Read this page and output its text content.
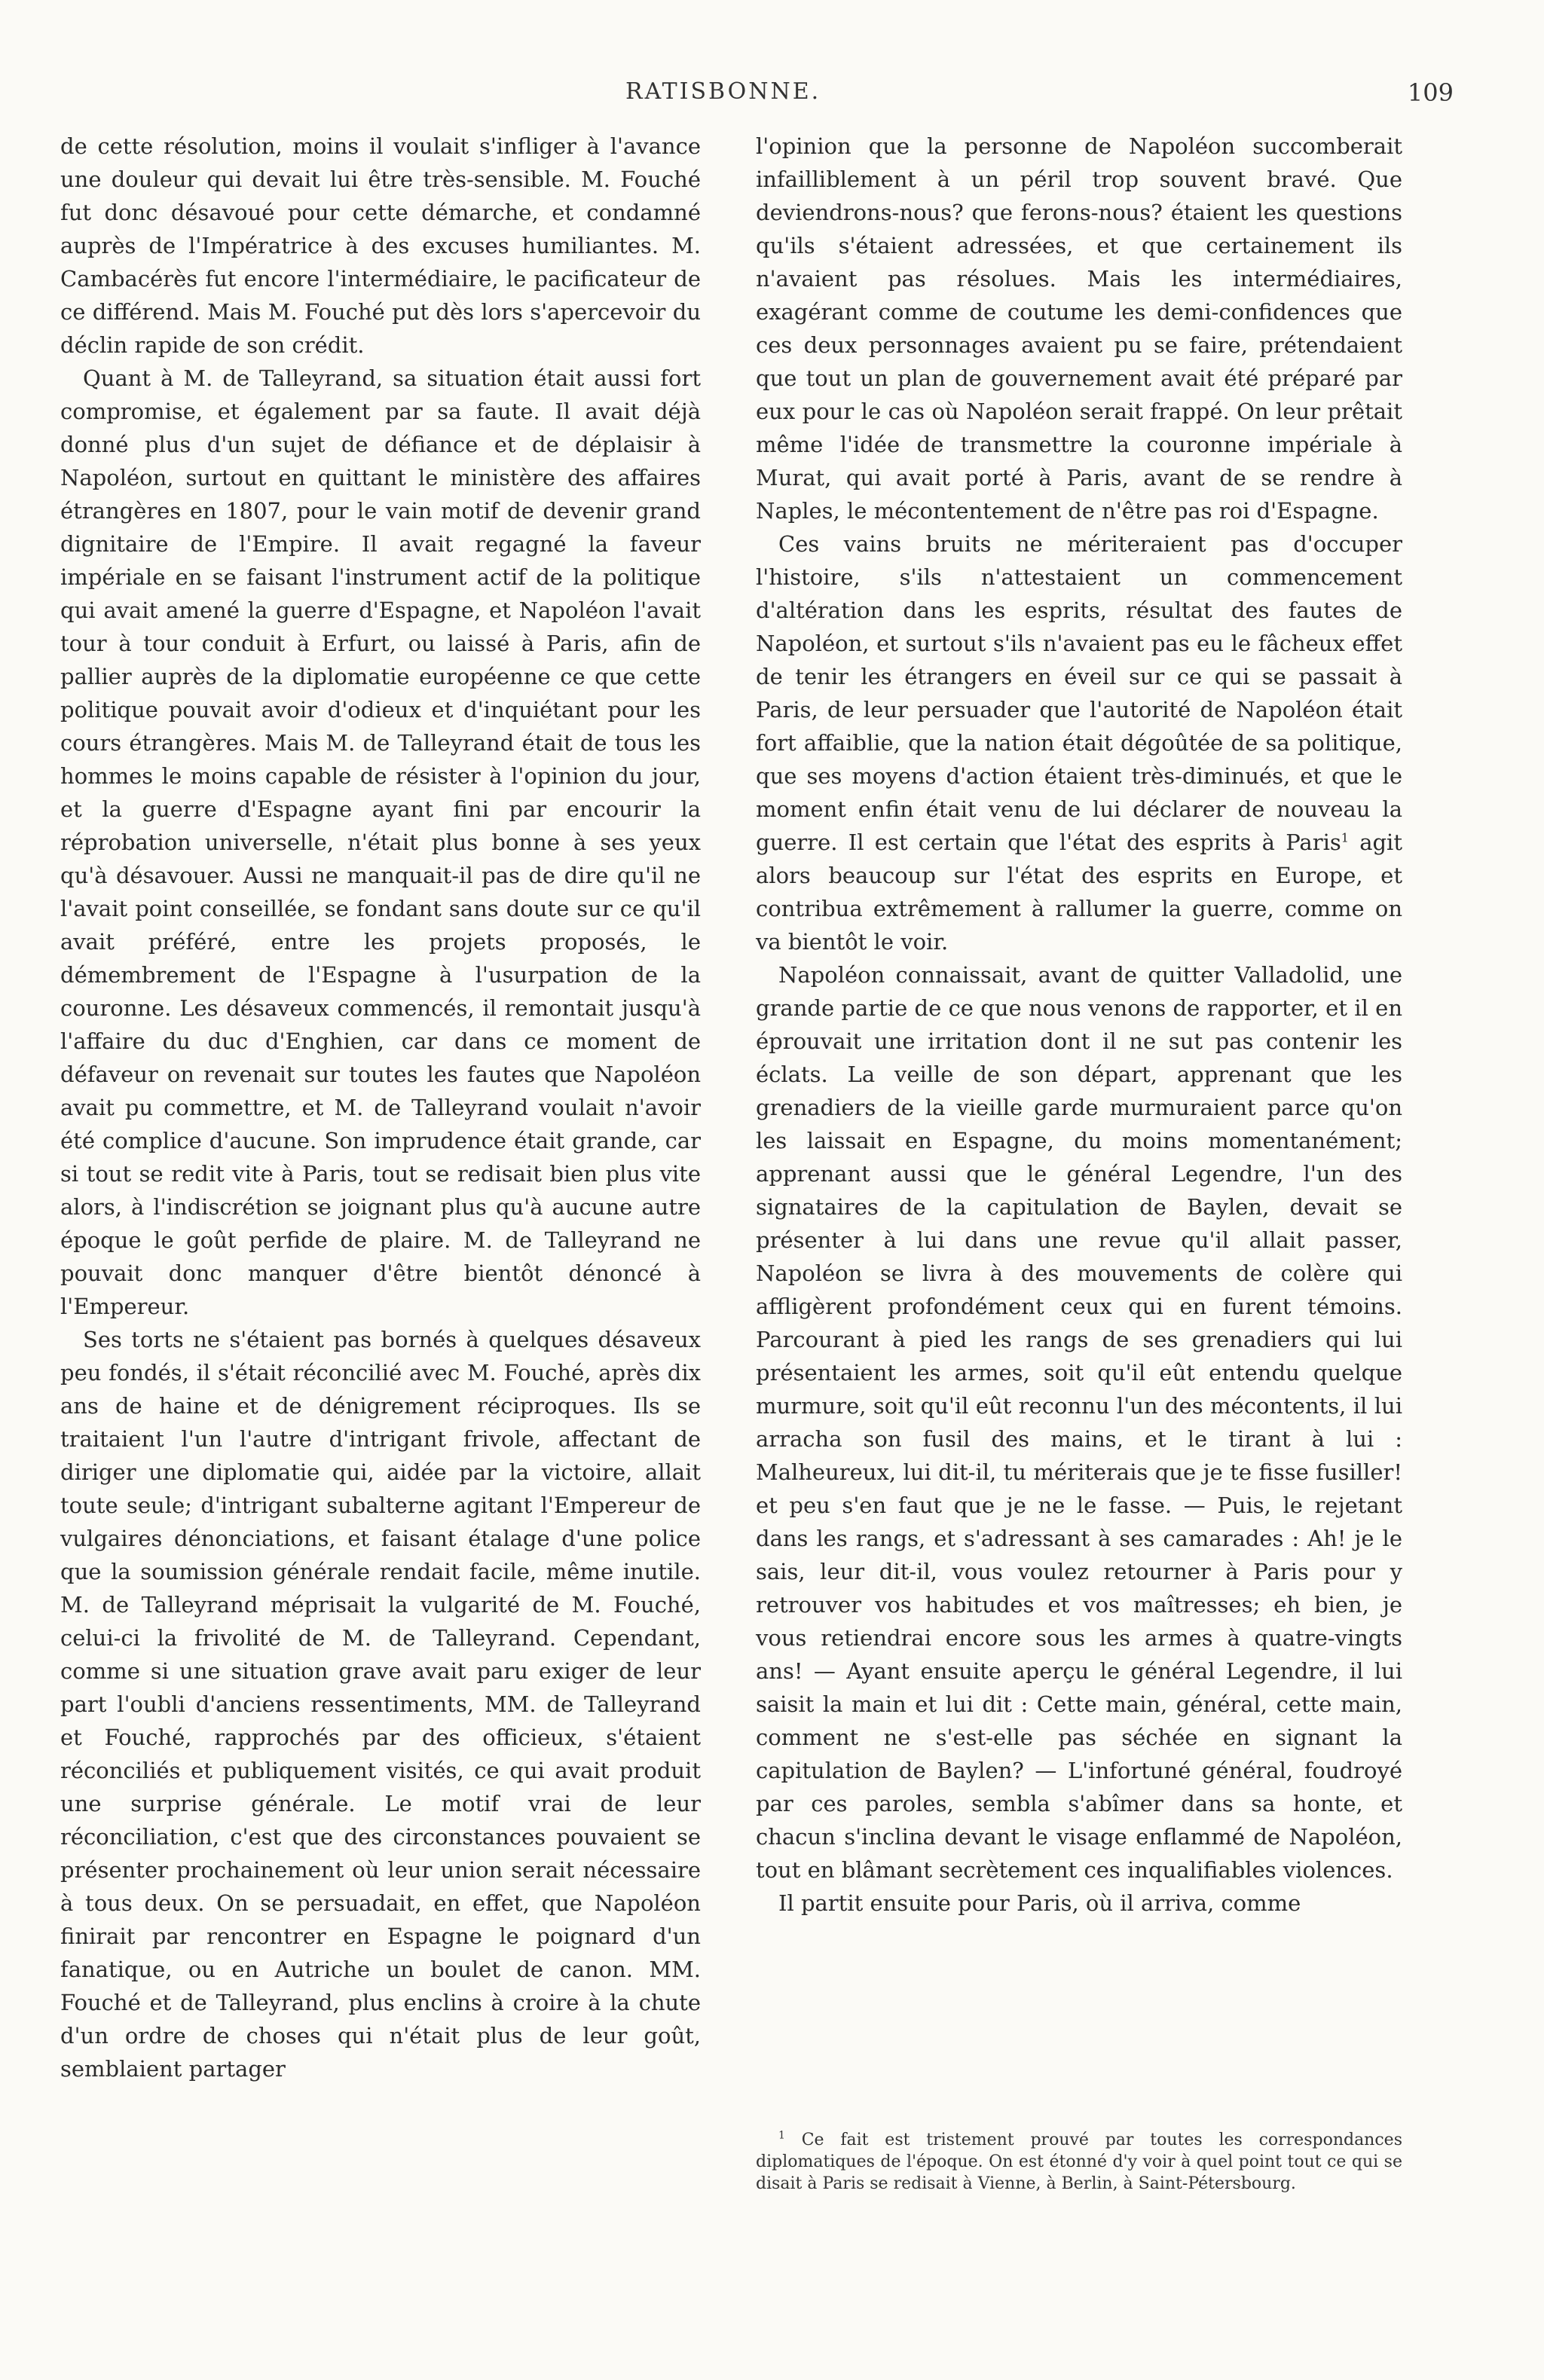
RATISBONNE.	109

de cette résolution, moins il voulait s'infliger à l'avance une douleur qui devait lui être très-sensible. M. Fouché fut donc désavoué pour cette démarche, et condamné auprès de l'Impératrice à des excuses humiliantes. M. Cambacérès fut encore l'intermédiaire, le pacificateur de ce différend. Mais M. Fouché put dès lors s'apercevoir du déclin rapide de son crédit.

Quant à M. de Talleyrand, sa situation était aussi fort compromise, et également par sa faute. Il avait déjà donné plus d'un sujet de défiance et de déplaisir à Napoléon, surtout en quittant le ministère des affaires étrangères en 1807, pour le vain motif de devenir grand dignitaire de l'Empire. Il avait regagné la faveur impériale en se faisant l'instrument actif de la politique qui avait amené la guerre d'Espagne, et Napoléon l'avait tour à tour conduit à Erfurt, ou laissé à Paris, afin de pallier auprès de la diplomatie européenne ce que cette politique pouvait avoir d'odieux et d'inquiétant pour les cours étrangères. Mais M. de Talleyrand était de tous les hommes le moins capable de résister à l'opinion du jour, et la guerre d'Espagne ayant fini par encourir la réprobation universelle, n'était plus bonne à ses yeux qu'à désavouer. Aussi ne manquait-il pas de dire qu'il ne l'avait point conseillée, se fondant sans doute sur ce qu'il avait préféré, entre les projets proposés, le démembrement de l'Espagne à l'usurpation de la couronne. Les désaveux commencés, il remontait jusqu'à l'affaire du duc d'Enghien, car dans ce moment de défaveur on revenait sur toutes les fautes que Napoléon avait pu commettre, et M. de Talleyrand voulait n'avoir été complice d'aucune. Son imprudence était grande, car si tout se redit vite à Paris, tout se redisait bien plus vite alors, à l'indiscrétion se joignant plus qu'à aucune autre époque le goût perfide de plaire. M. de Talleyrand ne pouvait donc manquer d'être bientôt dénoncé à l'Empereur.

Ses torts ne s'étaient pas bornés à quelques désaveux peu fondés, il s'était réconcilié avec M. Fouché, après dix ans de haine et de dénigrement réciproques. Ils se traitaient l'un l'autre d'intrigant frivole, affectant de diriger une diplomatie qui, aidée par la victoire, allait toute seule; d'intrigant subalterne agitant l'Empereur de vulgaires dénonciations, et faisant étalage d'une police que la soumission générale rendait facile, même inutile. M. de Talleyrand méprisait la vulgarité de M. Fouché, celui-ci la frivolité de M. de Talleyrand. Cependant, comme si une situation grave avait paru exiger de leur part l'oubli d'anciens ressentiments, MM. de Talleyrand et Fouché, rapprochés par des officieux, s'étaient réconciliés et publiquement visités, ce qui avait produit une surprise générale. Le motif vrai de leur réconciliation, c'est que des circonstances pouvaient se présenter prochainement où leur union serait nécessaire à tous deux. On se persuadait, en effet, que Napoléon finirait par rencontrer en Espagne le poignard d'un fanatique, ou en Autriche un boulet de canon. MM. Fouché et de Talleyrand, plus enclins à croire à la chute d'un ordre de choses qui n'était plus de leur goût, semblaient partager

l'opinion que la personne de Napoléon succomberait infailliblement à un péril trop souvent bravé. Que deviendrons-nous? que ferons-nous? étaient les questions qu'ils s'étaient adressées, et que certainement ils n'avaient pas résolues. Mais les intermédiaires, exagérant comme de coutume les demi-confidences que ces deux personnages avaient pu se faire, prétendaient que tout un plan de gouvernement avait été préparé par eux pour le cas où Napoléon serait frappé. On leur prêtait même l'idée de transmettre la couronne impériale à Murat, qui avait porté à Paris, avant de se rendre à Naples, le mécontentement de n'être pas roi d'Espagne.

Ces vains bruits ne mériteraient pas d'occuper l'histoire, s'ils n'attestaient un commencement d'altération dans les esprits, résultat des fautes de Napoléon, et surtout s'ils n'avaient pas eu le fâcheux effet de tenir les étrangers en éveil sur ce qui se passait à Paris, de leur persuader que l'autorité de Napoléon était fort affaiblie, que la nation était dégoûtée de sa politique, que ses moyens d'action étaient très-diminués, et que le moment enfin était venu de lui déclarer de nouveau la guerre. Il est certain que l'état des esprits à Paris$^1$ agit alors beaucoup sur l'état des esprits en Europe, et contribua extrêmement à rallumer la guerre, comme on va bientôt le voir.

Napoléon connaissait, avant de quitter Valladolid, une grande partie de ce que nous venons de rapporter, et il en éprouvait une irritation dont il ne sut pas contenir les éclats. La veille de son départ, apprenant que les grenadiers de la vieille garde murmuraient parce qu'on les laissait en Espagne, du moins momentanément; apprenant aussi que le général Legendre, l'un des signataires de la capitulation de Baylen, devait se présenter à lui dans une revue qu'il allait passer, Napoléon se livra à des mouvements de colère qui affligèrent profondément ceux qui en furent témoins. Parcourant à pied les rangs de ses grenadiers qui lui présentaient les armes, soit qu'il eût entendu quelque murmure, soit qu'il eût reconnu l'un des mécontents, il lui arracha son fusil des mains, et le tirant à lui : Malheureux, lui dit-il, tu mériterais que je te fisse fusiller! et peu s'en faut que je ne le fasse. — Puis, le rejetant dans les rangs, et s'adressant à ses camarades : Ah! je le sais, leur dit-il, vous voulez retourner à Paris pour y retrouver vos habitudes et vos maîtresses; eh bien, je vous retiendrai encore sous les armes à quatre-vingts ans! — Ayant ensuite aperçu le général Legendre, il lui saisit la main et lui dit : Cette main, général, cette main, comment ne s'est-elle pas séchée en signant la capitulation de Baylen? — L'infortuné général, foudroyé par ces paroles, sembla s'abîmer dans sa honte, et chacun s'inclina devant le visage enflammé de Napoléon, tout en blâmant secrètement ces inqualifiables violences.

Il partit ensuite pour Paris, où il arriva, comme

$^1$ Ce fait est tristement prouvé par toutes les correspondances diplomatiques de l'époque. On est étonné d'y voir à quel point tout ce qui se disait à Paris se redisait à Vienne, à Berlin, à Saint-Pétersbourg.
